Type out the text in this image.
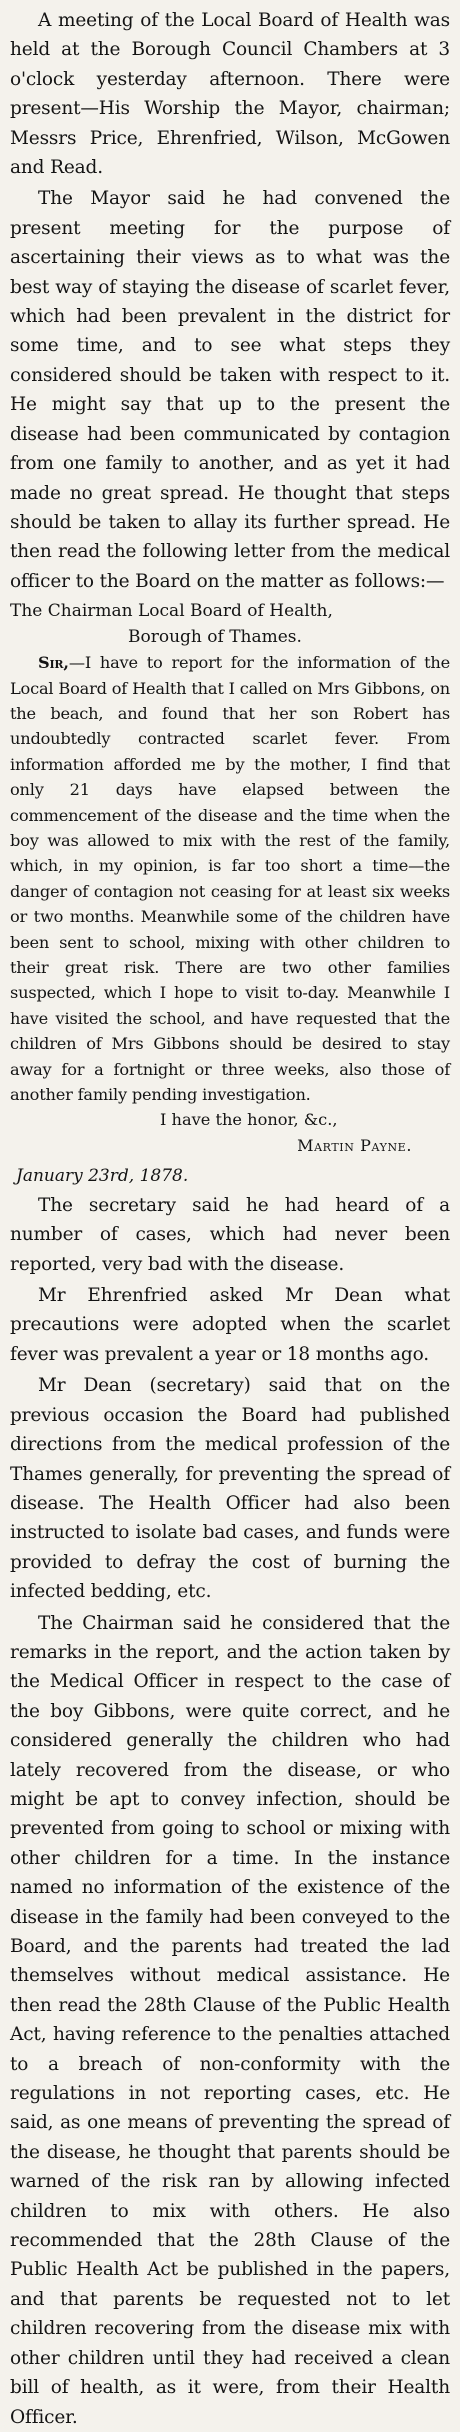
A meeting of the Local Board of Health was held at the Borough Council Chambers at 3 o'clock yesterday afternoon. There were present—His Worship the Mayor, chairman; Messrs Price, Ehrenfried, Wilson, McGowen and Read.

The Mayor said he had convened the present meeting for the purpose of ascertaining their views as to what was the best way of staying the disease of scarlet fever, which had been prevalent in the district for some time, and to see what steps they considered should be taken with respect to it. He might say that up to the present the disease had been communicated by contagion from one family to another, and as yet it had made no great spread. He thought that steps should be taken to allay its further spread. He then read the following letter from the medical officer to the Board on the matter as follows:—

The Chairman Local Board of Health,
Borough of Thames.

Sir,—I have to report for the information of the Local Board of Health that I called on Mrs Gibbons, on the beach, and found that her son Robert has undoubtedly contracted scarlet fever. From information afforded me by the mother, I find that only 21 days have elapsed between the commencement of the disease and the time when the boy was allowed to mix with the rest of the family, which, in my opinion, is far too short a time—the danger of contagion not ceasing for at least six weeks or two months. Meanwhile some of the children have been sent to school, mixing with other children to their great risk. There are two other families suspected, which I hope to visit to-day. Meanwhile I have visited the school, and have requested that the children of Mrs Gibbons should be desired to stay away for a fortnight or three weeks, also those of another family pending investigation.

I have the honor, &c.,

Martin Payne.

January 23rd, 1878.

The secretary said he had heard of a number of cases, which had never been reported, very bad with the disease.

Mr Ehrenfried asked Mr Dean what precautions were adopted when the scarlet fever was prevalent a year or 18 months ago.

Mr Dean (secretary) said that on the previous occasion the Board had published directions from the medical profession of the Thames generally, for preventing the spread of disease. The Health Officer had also been instructed to isolate bad cases, and funds were provided to defray the cost of burning the infected bedding, etc.

The Chairman said he considered that the remarks in the report, and the action taken by the Medical Officer in respect to the case of the boy Gibbons, were quite correct, and he considered generally the children who had lately recovered from the disease, or who might be apt to convey infection, should be prevented from going to school or mixing with other children for a time. In the instance named no information of the existence of the disease in the family had been conveyed to the Board, and the parents had treated the lad themselves without medical assistance. He then read the 28th Clause of the Public Health Act, having reference to the penalties attached to a breach of non-conformity with the regulations in not reporting cases, etc. He said, as one means of preventing the spread of the disease, he thought that parents should be warned of the risk ran by allowing infected children to mix with others. He also recommended that the 28th Clause of the Public Health Act be published in the papers, and that parents be requested not to let children recovering from the disease mix with other children until they had received a clean bill of health, as it were, from their Health Officer.
